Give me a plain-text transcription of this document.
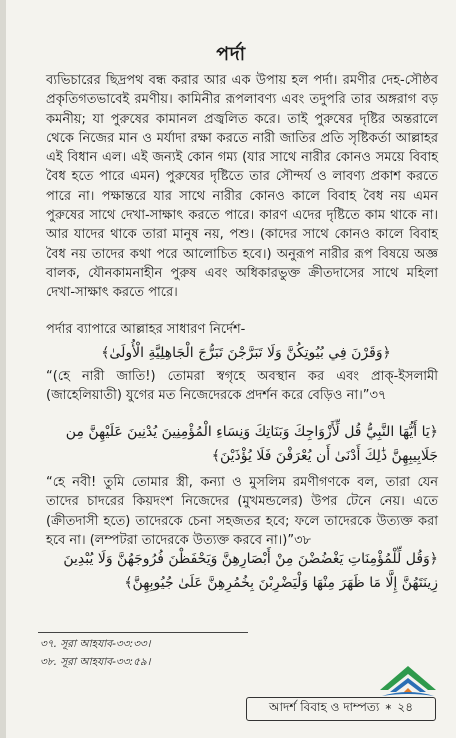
পর্দা
ব্যভিচারের ছিদ্রপথ বন্ধ করার আর এক উপায় হল পর্দা। রমণীর দেহ-সৌষ্ঠব প্রকৃতিগতভাবেই রমণীয়। কামিনীর রূপলাবণ্য এবং তদুপরি তার অঙ্গরাগ বড় কমনীয়; যা পুরুষের কামানল প্রজ্বলিত করে। তাই পুরুষের দৃষ্টির অন্তরালে থেকে নিজের মান ও মর্যাদা রক্ষা করতে নারী জাতির প্রতি সৃষ্টিকর্তা আল্লাহর এই বিধান এল। এই জন্যই কোন গম্য (যার সাথে নারীর কোনও সময়ে বিবাহ বৈধ হতে পারে এমন) পুরুষের দৃষ্টিতে তার সৌন্দর্য ও লাবণ্য প্রকাশ করতে পারে না। পক্ষান্তরে যার সাথে নারীর কোনও কালে বিবাহ বৈধ নয় এমন পুরুষের সাথে দেখা-সাক্ষাৎ করতে পারে। কারণ এদের দৃষ্টিতে কাম থাকে না। আর যাদের থাকে তারা মানুষ নয়, পশু। (কাদের সাথে কোনও কালে বিবাহ বৈধ নয় তাদের কথা পরে আলোচিত হবে।) অনুরূপ নারীর রূপ বিষয়ে অজ্ঞ বালক, যৌনকামনাহীন পুরুষ এবং অধিকারভুক্ত ক্রীতদাসের সাথে মহিলা দেখা-সাক্ষাৎ করতে পারে।
পর্দার ব্যাপারে আল্লাহর সাধারণ নির্দেশ-
﴿وَقَرْنَ فِي بُيُوتِكُنَّ وَلَا تَبَرَّجْنَ تَبَرُّجَ الْجَاهِلِيَّةِ الْأُولَىٰ﴾
“(হে নারী জাতি!) তোমরা স্বগৃহে অবস্থান কর এবং প্রাক্-ইসলামী (জাহেলিয়াতী) যুগের মত নিজেদেরকে প্রদর্শন করে বেড়িও না।”৩৭
﴿يَا أَيُّهَا النَّبِيُّ قُل لِّأَزْوَاجِكَ وَبَنَاتِكَ وَنِسَاءِ الْمُؤْمِنِينَ يُدْنِينَ عَلَيْهِنَّ مِن جَلَابِيبِهِنَّ ذَٰلِكَ أَدْنَىٰ أَن يُعْرَفْنَ فَلَا يُؤْذَيْنَ﴾
“হে নবী! তুমি তোমার স্ত্রী, কন্যা ও মুসলিম রমণীগণকে বল, তারা যেন তাদের চাদরের কিয়দংশ নিজেদের (মুখমন্ডলের) উপর টেনে নেয়। এতে (ক্রীতদাসী হতে) তাদেরকে চেনা সহজতর হবে; ফলে তাদেরকে উত্যক্ত করা হবে না। (লম্পটরা তাদেরকে উত্যক্ত করবে না।)”৩৮
﴿وَقُل لِّلْمُؤْمِنَاتِ يَغْضُضْنَ مِنْ أَبْصَارِهِنَّ وَيَحْفَظْنَ فُرُوجَهُنَّ وَلَا يُبْدِينَ زِينَتَهُنَّ إِلَّا مَا ظَهَرَ مِنْهَا وَلْيَضْرِبْنَ بِخُمُرِهِنَّ عَلَىٰ جُيُوبِهِنَّ﴾
৩৭. সূরা আহযাব-৩৩:৩৩।
৩৮. সূরা আহযাব-৩৩:৫৯।
আদর্শ বিবাহ ও দাম্পত্য * ২৪
